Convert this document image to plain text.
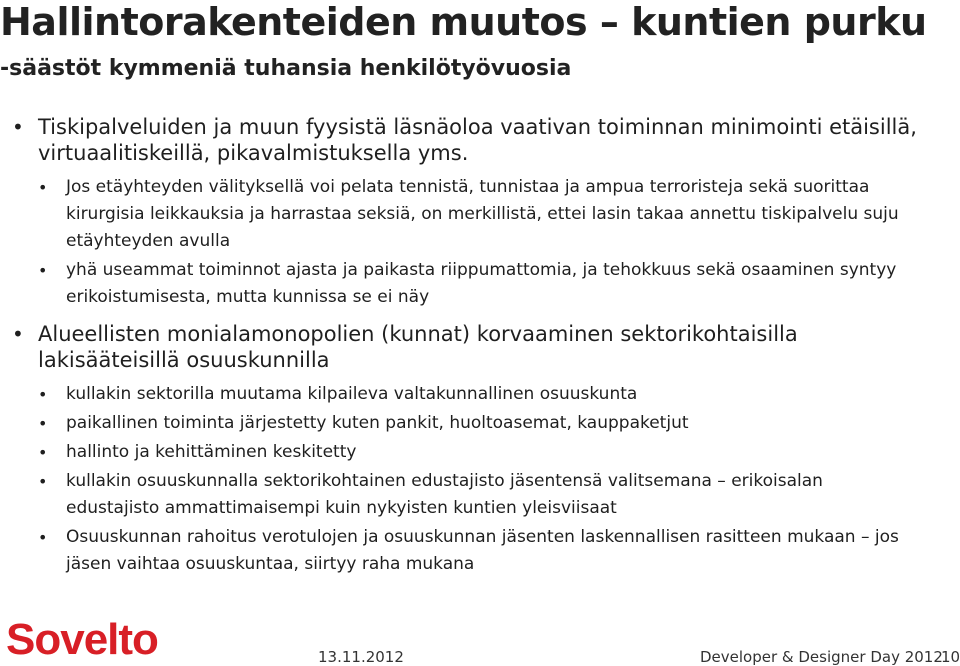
Hallintorakenteiden muutos – kuntien purku
-säästöt kymmeniä tuhansia henkilötyövuosia

• Tiskipalveluiden ja muun fyysistä läsnäoloa vaativan toiminnan minimointi etäisillä, virtuaalitiskeillä, pikavalmistuksella yms.

• Jos etäyhteyden välityksellä voi pelata tennistä, tunnistaa ja ampua terroristeja sekä suorittaa kirurgisia leikkauksia ja harrastaa seksiä, on merkillistä, ettei lasin takaa annettu tiskipalvelu suju etäyhteyden avulla

• yhä useammat toiminnot ajasta ja paikasta riippumattomia, ja tehokkuus sekä osaaminen syntyy erikoistumisesta, mutta kunnissa se ei näy

• Alueellisten monialamonopolien (kunnat) korvaaminen sektorikohtaisilla lakisääteisillä osuuskunnilla

• kullakin sektorilla muutama kilpaileva valtakunnallinen osuuskunta

• paikallinen toiminta järjestetty kuten pankit, huoltoasemat, kauppaketjut

• hallinto ja kehittäminen keskitetty

• kullakin osuuskunnalla sektorikohtainen edustajisto jäsentensä valitsemana – erikoisalan edustajisto ammattimaisempi kuin nykyisten kuntien yleisviisaat

• Osuuskunnan rahoitus verotulojen ja osuuskunnan jäsenten laskennallisen rasitteen mukaan – jos jäsen vaihtaa osuuskuntaa, siirtyy raha mukana

Sovelto	13.11.2012	Developer & Designer Day 2012
10
